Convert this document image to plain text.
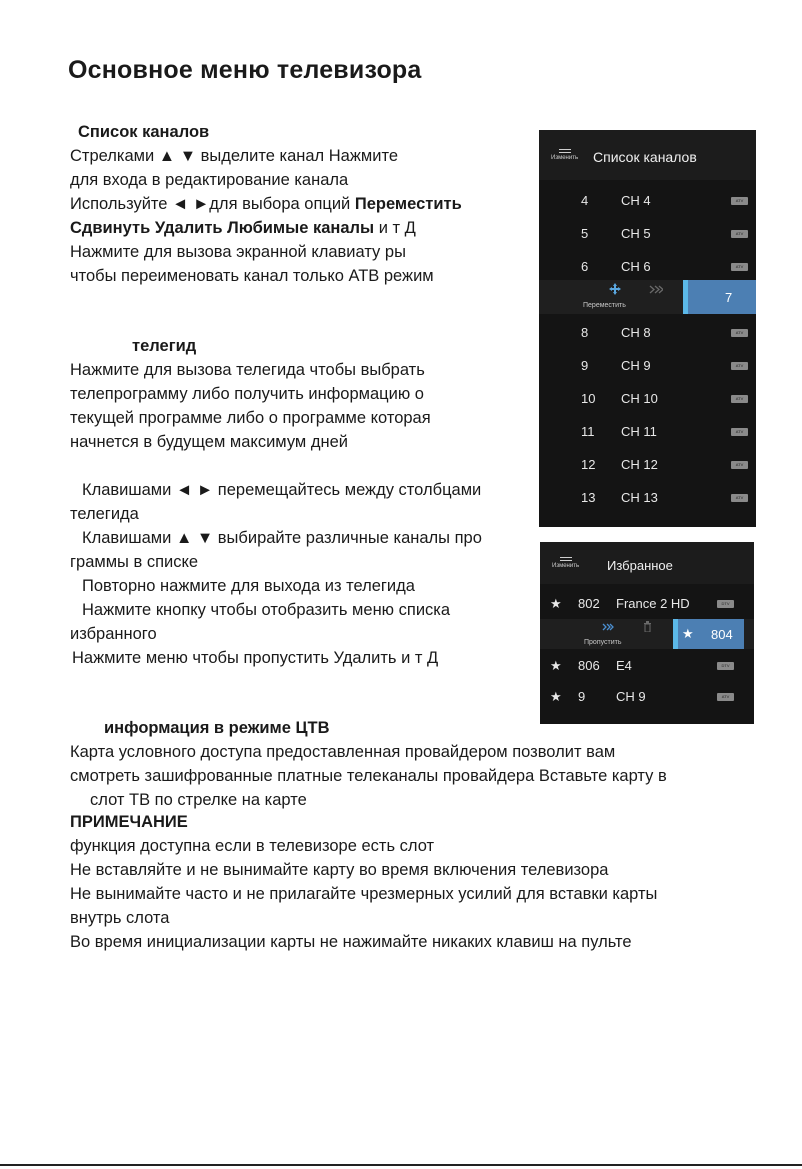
Основное меню телевизора
Список каналов
Стрелками ▲ ▼ выделите канал Нажмите
для входа в редактирование канала
Используйте ◄ ►для выбора опций Переместить
Сдвинуть Удалить Любимые каналы и т Д
Нажмите для вызова экранной клавиату ры
чтобы переименовать канал только АТВ режим
телегид
Нажмите для вызова телегида чтобы выбрать
телепрограмму либо получить информацию о
текущей программе либо о программе которая
начнется в будущем максимум дней
Клавишами ◄ ► перемещайтесь между столбцами
телегида
Клавишами ▲ ▼ выбирайте различные каналы про
граммы в списке
Повторно нажмите для выхода из телегида
Нажмите кнопку чтобы отобразить меню списка
избранного
Нажмите меню чтобы пропустить Удалить и т Д
информация в режиме ЦТВ
Карта условного доступа предоставленная провайдером позволит вам
смотреть зашифрованные платные телеканалы провайдера Вставьте карту в
слот ТВ по стрелке на карте
ПРИМЕЧАНИЕ
функция доступна если в телевизоре есть слот
Не вставляйте и не вынимайте карту во время включения телевизора
Не вынимайте часто и не прилагайте чрезмерных усилий для вставки карты
внутрь слота
Во время инициализации карты не нажимайте никаких клавиш на пульте
Изменить Список каналов
4	CH 4	ATV
5	CH 5	ATV
6	CH 6	ATV
Переместить
7
8	CH 8	ATV
9	CH 9	ATV
10 CH 10	ATV
11 CH 11	ATV
12 CH 12	ATV
13 CH 13	ATV
Изменить Избранное
★ 802 France 2 HD	DTV
Пропустить
★ 804
★ 806 E4	DTV
★ 9 CH 9	ATV
